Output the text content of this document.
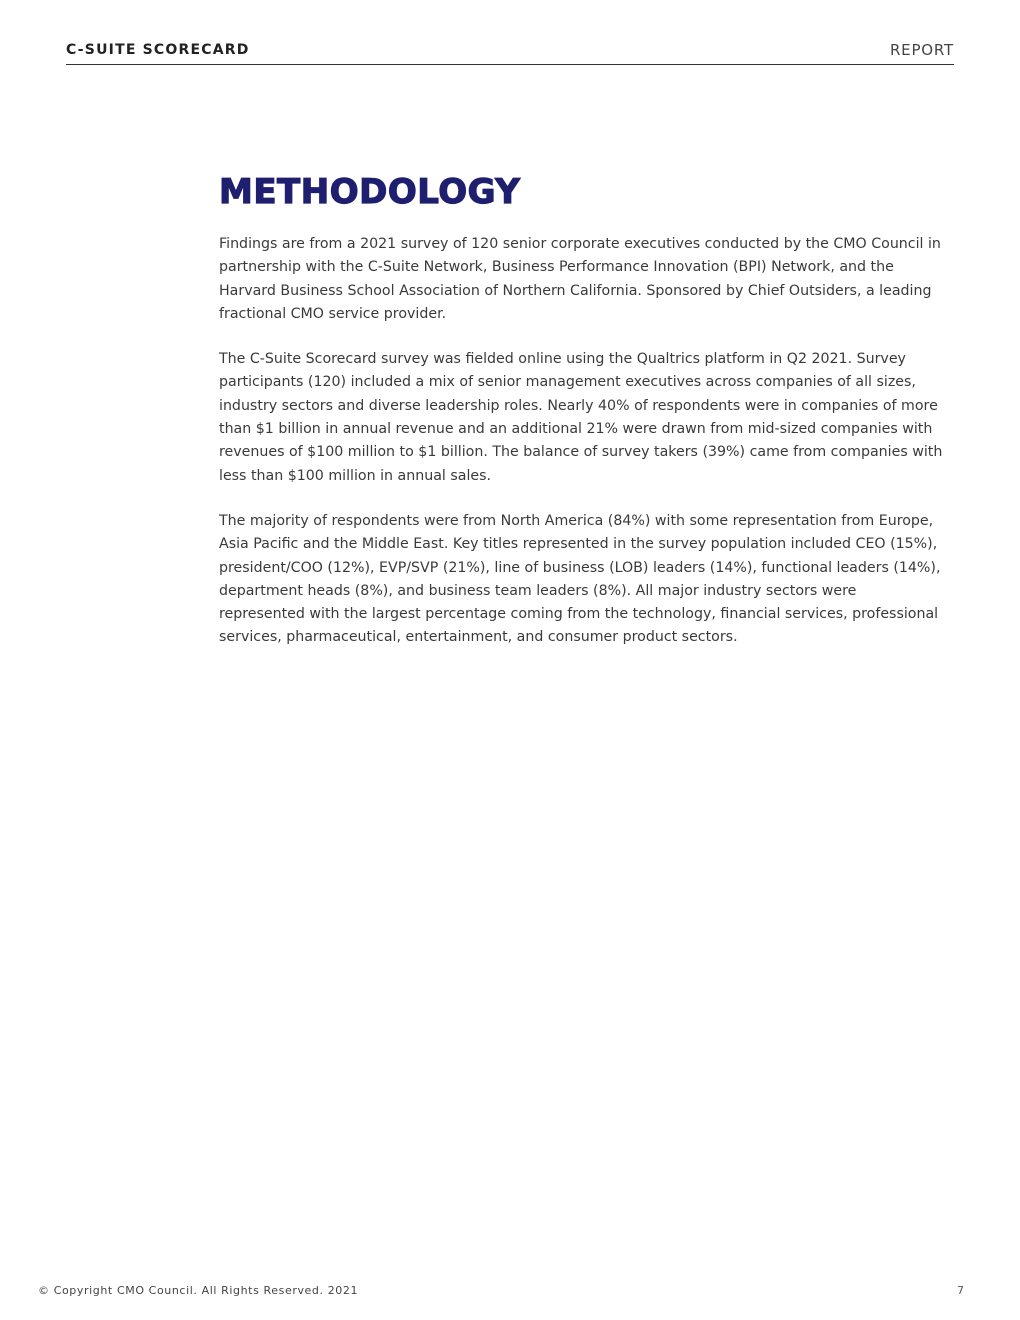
C-SUITE SCORECARD	REPORT
METHODOLOGY

Findings are from a 2021 survey of 120 senior corporate executives conducted by the CMO Council in partnership with the C-Suite Network, Business Performance Innovation (BPI) Network, and the Harvard Business School Association of Northern California. Sponsored by Chief Outsiders, a leading fractional CMO service provider.

The C-Suite Scorecard survey was fielded online using the Qualtrics platform in Q2 2021. Survey participants (120) included a mix of senior management executives across companies of all sizes, industry sectors and diverse leadership roles. Nearly 40% of respondents were in companies of more than $1 billion in annual revenue and an additional 21% were drawn from mid-sized companies with revenues of $100 million to $1 billion. The balance of survey takers (39%) came from companies with less than $100 million in annual sales.

The majority of respondents were from North America (84%) with some representation from Europe, Asia Pacific and the Middle East. Key titles represented in the survey population included CEO (15%), president/COO (12%), EVP/SVP (21%), line of business (LOB) leaders (14%), functional leaders (14%), department heads (8%), and business team leaders (8%). All major industry sectors were represented with the largest percentage coming from the technology, financial services, professional services, pharmaceutical, entertainment, and consumer product sectors.

© Copyright CMO Council. All Rights Reserved. 2021	7
